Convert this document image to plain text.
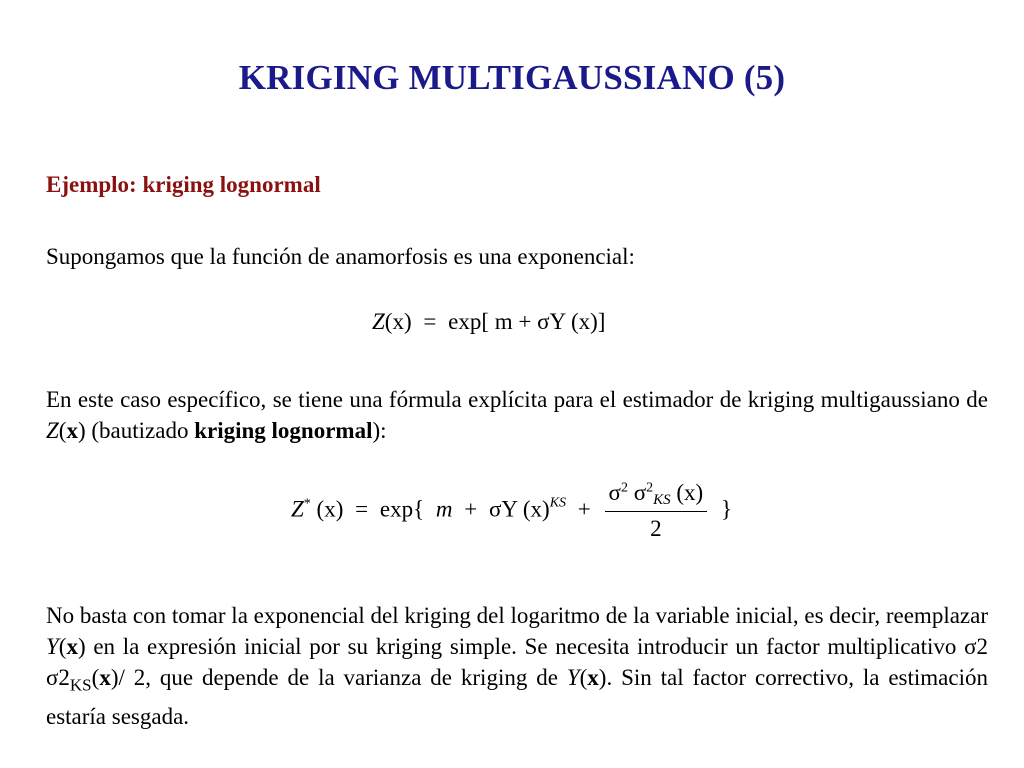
KRIGING MULTIGAUSSIANO (5)
Ejemplo: kriging lognormal
Supongamos que la función de anamorfosis es una exponencial:
Z(x) = exp[ m + σY (x)]
En este caso específico, se tiene una fórmula explícita para el estimador de kriging multigaussiano de Z(x) (bautizado kriging lognormal):
Z* (x) = exp{ m + σY $(x)^{KS} + \frac{\sigma^2 \sigma^2KS (x)}{2}$ }
No basta con tomar la exponencial del kriging del logaritmo de la variable inicial, es decir, reemplazar Y(x) en la expresión inicial por su kriging simple. Se necesita introducir un factor multiplicativo σ2 $\sigma 2_{KS}(x)/$ 2, que depende de la varianza de kriging de Y(x). Sin tal factor correctivo, la estimación estaría sesgada.
